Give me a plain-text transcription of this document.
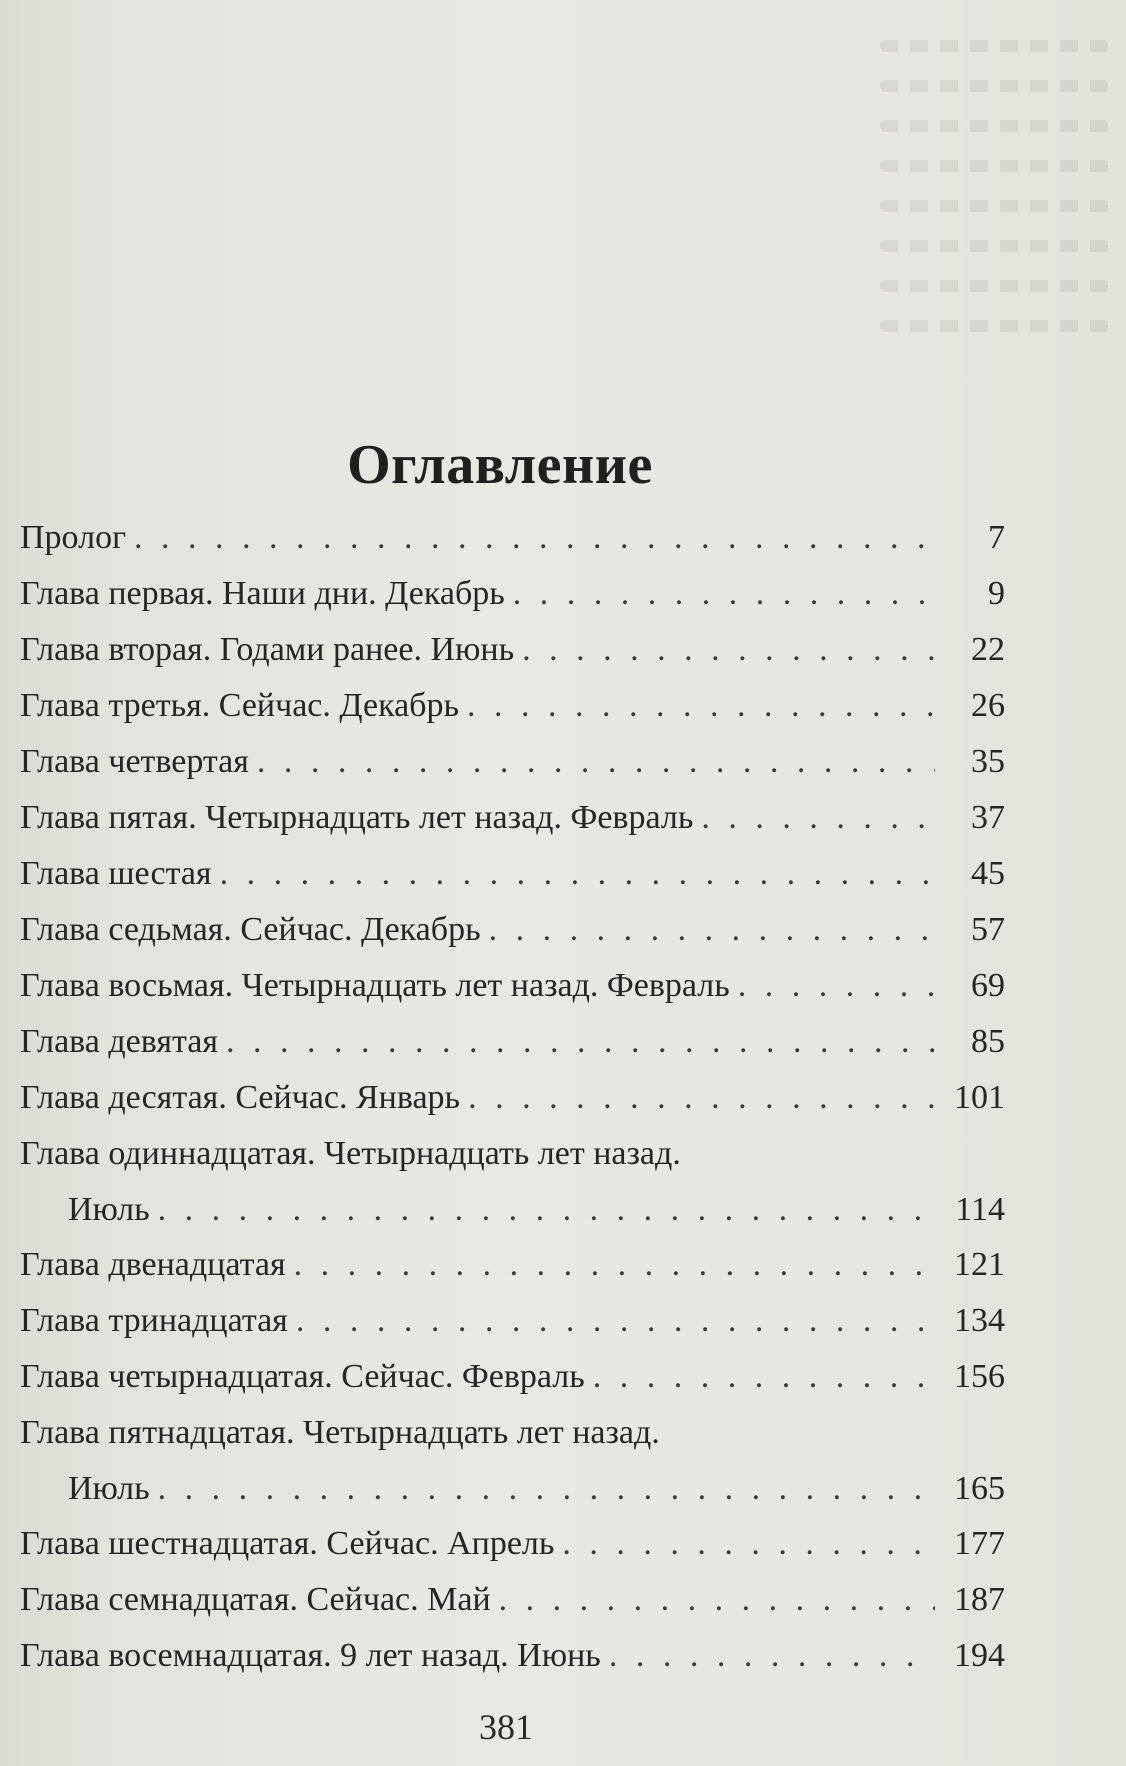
Оглавление
Пролог . . .	7
Глава первая. Наши дни. Декабрь . . .	9
Глава вторая. Годами ранее. Июнь . . .	22
Глава третья. Сейчас. Декабрь . . .	26
Глава четвертая . . .	35
Глава пятая. Четырнадцать лет назад. Февраль . . .	37
Глава шестая . . .	45
Глава седьмая. Сейчас. Декабрь . . .	57
Глава восьмая. Четырнадцать лет назад. Февраль . . .	69
Глава девятая . . .	85
Глава десятая. Сейчас. Январь . . .	101
Глава одиннадцатая. Четырнадцать лет назад.
Июль . . .	114
Глава двенадцатая . . .	121
Глава тринадцатая . . .	134
Глава четырнадцатая. Сейчас. Февраль . . .	156
Глава пятнадцатая. Четырнадцать лет назад.
Июль . . .	165
Глава шестнадцатая. Сейчас. Апрель . . .	177
Глава семнадцатая. Сейчас. Май . . .	187
Глава восемнадцатая. 9 лет назад. Июнь . . .	194
381
